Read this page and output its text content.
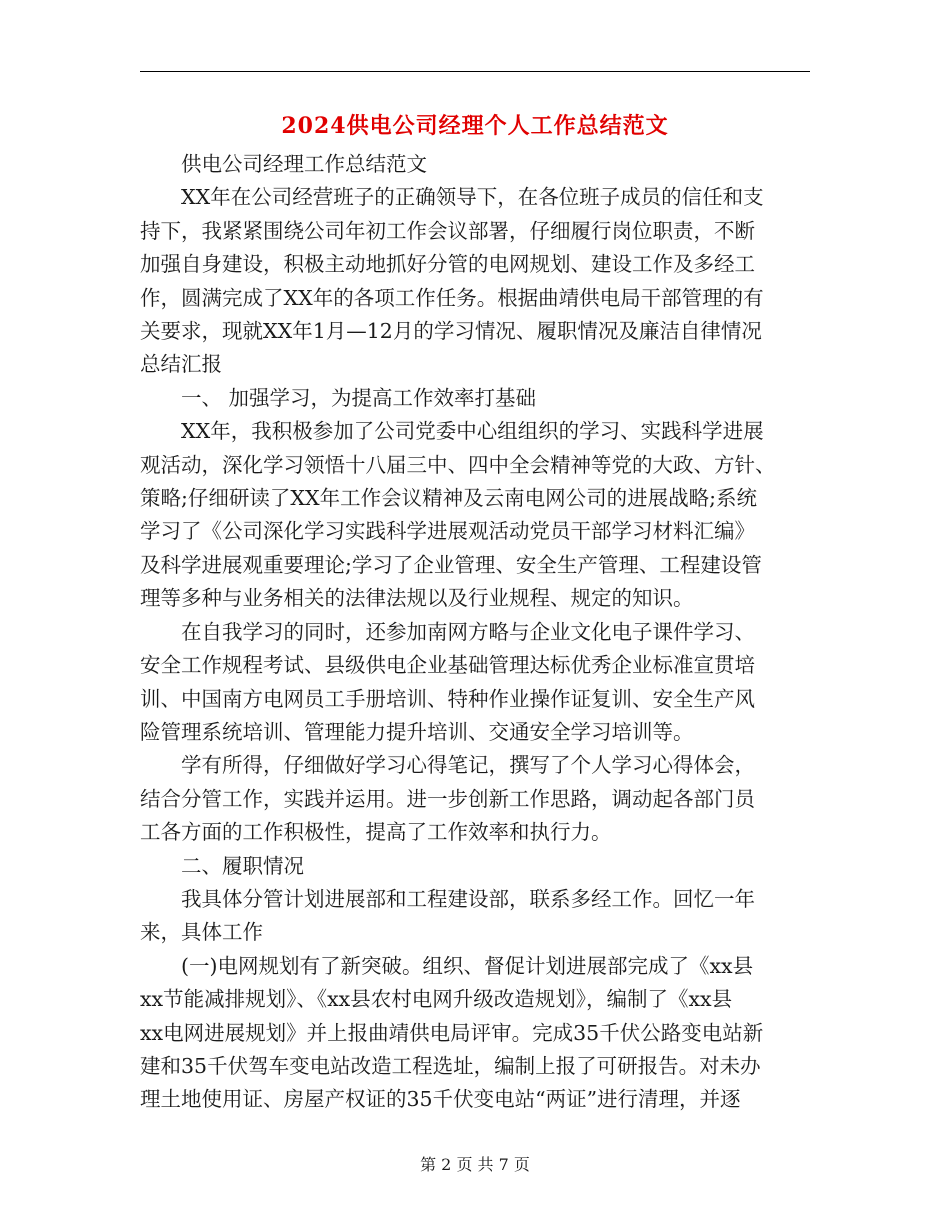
2024供电公司经理个人工作总结范文

供电公司经理工作总结范文

XX年在公司经营班子的正确领导下，在各位班子成员的信任和支

持下，我紧紧围绕公司年初工作会议部署，仔细履行岗位职责，不断

加强自身建设，积极主动地抓好分管的电网规划、建设工作及多经工

作，圆满完成了XX年的各项工作任务。根据曲靖供电局干部管理的有

关要求，现就XX年1月—12月的学习情况、履职情况及廉洁自律情况

总结汇报

一、 加强学习，为提高工作效率打基础

XX年，我积极参加了公司党委中心组组织的学习、实践科学进展

观活动，深化学习领悟十八届三中、四中全会精神等党的大政、方针、

策略;仔细研读了XX年工作会议精神及云南电网公司的进展战略;系统

学习了《公司深化学习实践科学进展观活动党员干部学习材料汇编》

及科学进展观重要理论;学习了企业管理、安全生产管理、工程建设管

理等多种与业务相关的法律法规以及行业规程、规定的知识。

在自我学习的同时，还参加南网方略与企业文化电子课件学习、

安全工作规程考试、县级供电企业基础管理达标优秀企业标准宣贯培

训、中国南方电网员工手册培训、特种作业操作证复训、安全生产风

险管理系统培训、管理能力提升培训、交通安全学习培训等。

学有所得，仔细做好学习心得笔记，撰写了个人学习心得体会，

结合分管工作，实践并运用。进一步创新工作思路，调动起各部门员

工各方面的工作积极性，提高了工作效率和执行力。

二、履职情况

我具体分管计划进展部和工程建设部，联系多经工作。回忆一年

来，具体工作

(一)电网规划有了新突破。组织、督促计划进展部完成了《xx县

xx节能减排规划》、《xx县农村电网升级改造规划》，编制了《xx县

xx电网进展规划》并上报曲靖供电局评审。完成35千伏公路变电站新

建和35千伏驾车变电站改造工程选址，编制上报了可研报告。对未办

理土地使用证、房屋产权证的35千伏变电站“两证”进行清理，并逐

第 2 页 共 7 页
